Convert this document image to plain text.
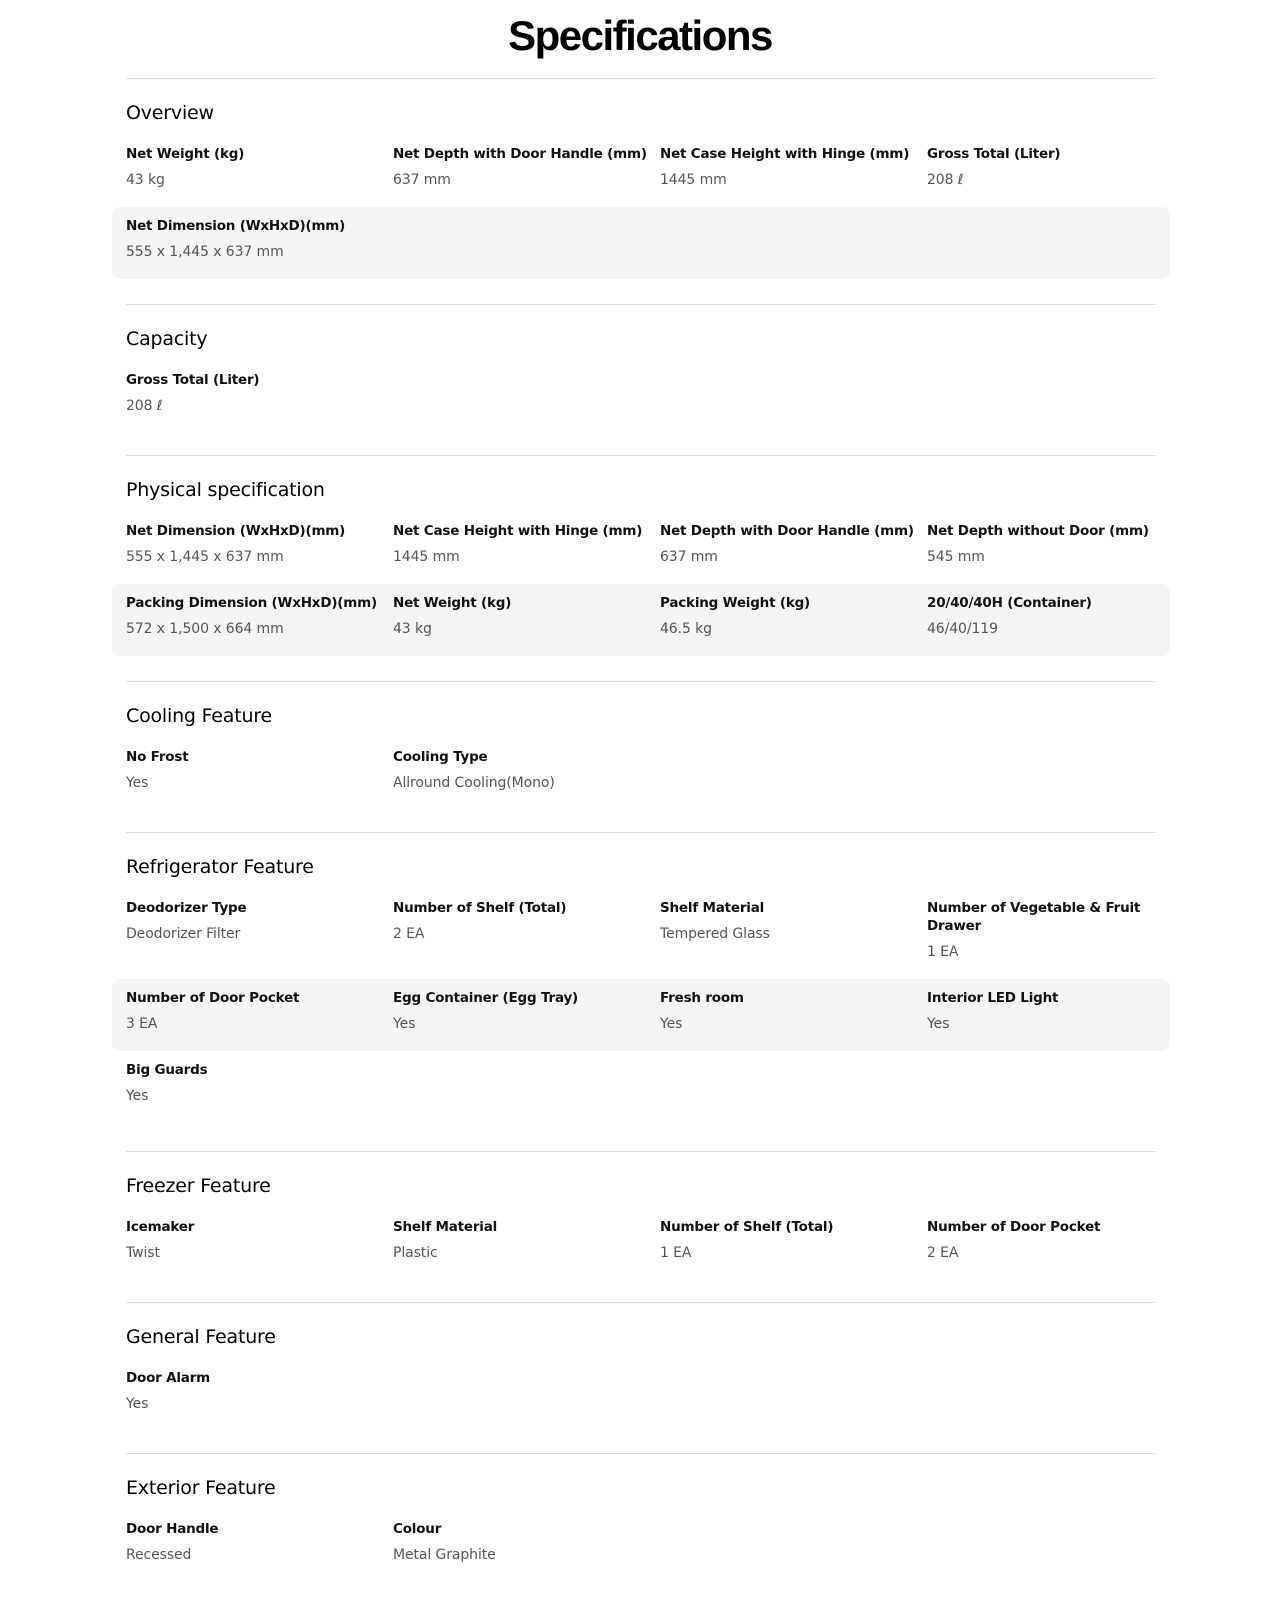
Specifications
Overview
Net Weight (kg)
43 kg
Net Depth with Door Handle (mm)
637 mm
Net Case Height with Hinge (mm)
1445 mm
Gross Total (Liter)
208 ℓ
Net Dimension (WxHxD)(mm)
555 x 1,445 x 637 mm
Capacity
Gross Total (Liter)
208 ℓ
Physical specification
Net Dimension (WxHxD)(mm)
555 x 1,445 x 637 mm
Net Case Height with Hinge (mm)
1445 mm
Net Depth with Door Handle (mm)
637 mm
Net Depth without Door (mm)
545 mm
Packing Dimension (WxHxD)(mm)
572 x 1,500 x 664 mm
Net Weight (kg)
43 kg
Packing Weight (kg)
46.5 kg
20/40/40H (Container)
46/40/119
Cooling Feature
No Frost
Yes
Cooling Type
Allround Cooling(Mono)
Refrigerator Feature
Deodorizer Type
Deodorizer Filter
Number of Shelf (Total)
2 EA
Shelf Material
Tempered Glass
Number of Vegetable & Fruit Drawer
1 EA
Number of Door Pocket
3 EA
Egg Container (Egg Tray)
Yes
Fresh room
Yes
Interior LED Light
Yes
Big Guards
Yes
Freezer Feature
Icemaker
Twist
Shelf Material
Plastic
Number of Shelf (Total)
1 EA
Number of Door Pocket
2 EA
General Feature
Door Alarm
Yes
Exterior Feature
Door Handle
Recessed
Colour
Metal Graphite
